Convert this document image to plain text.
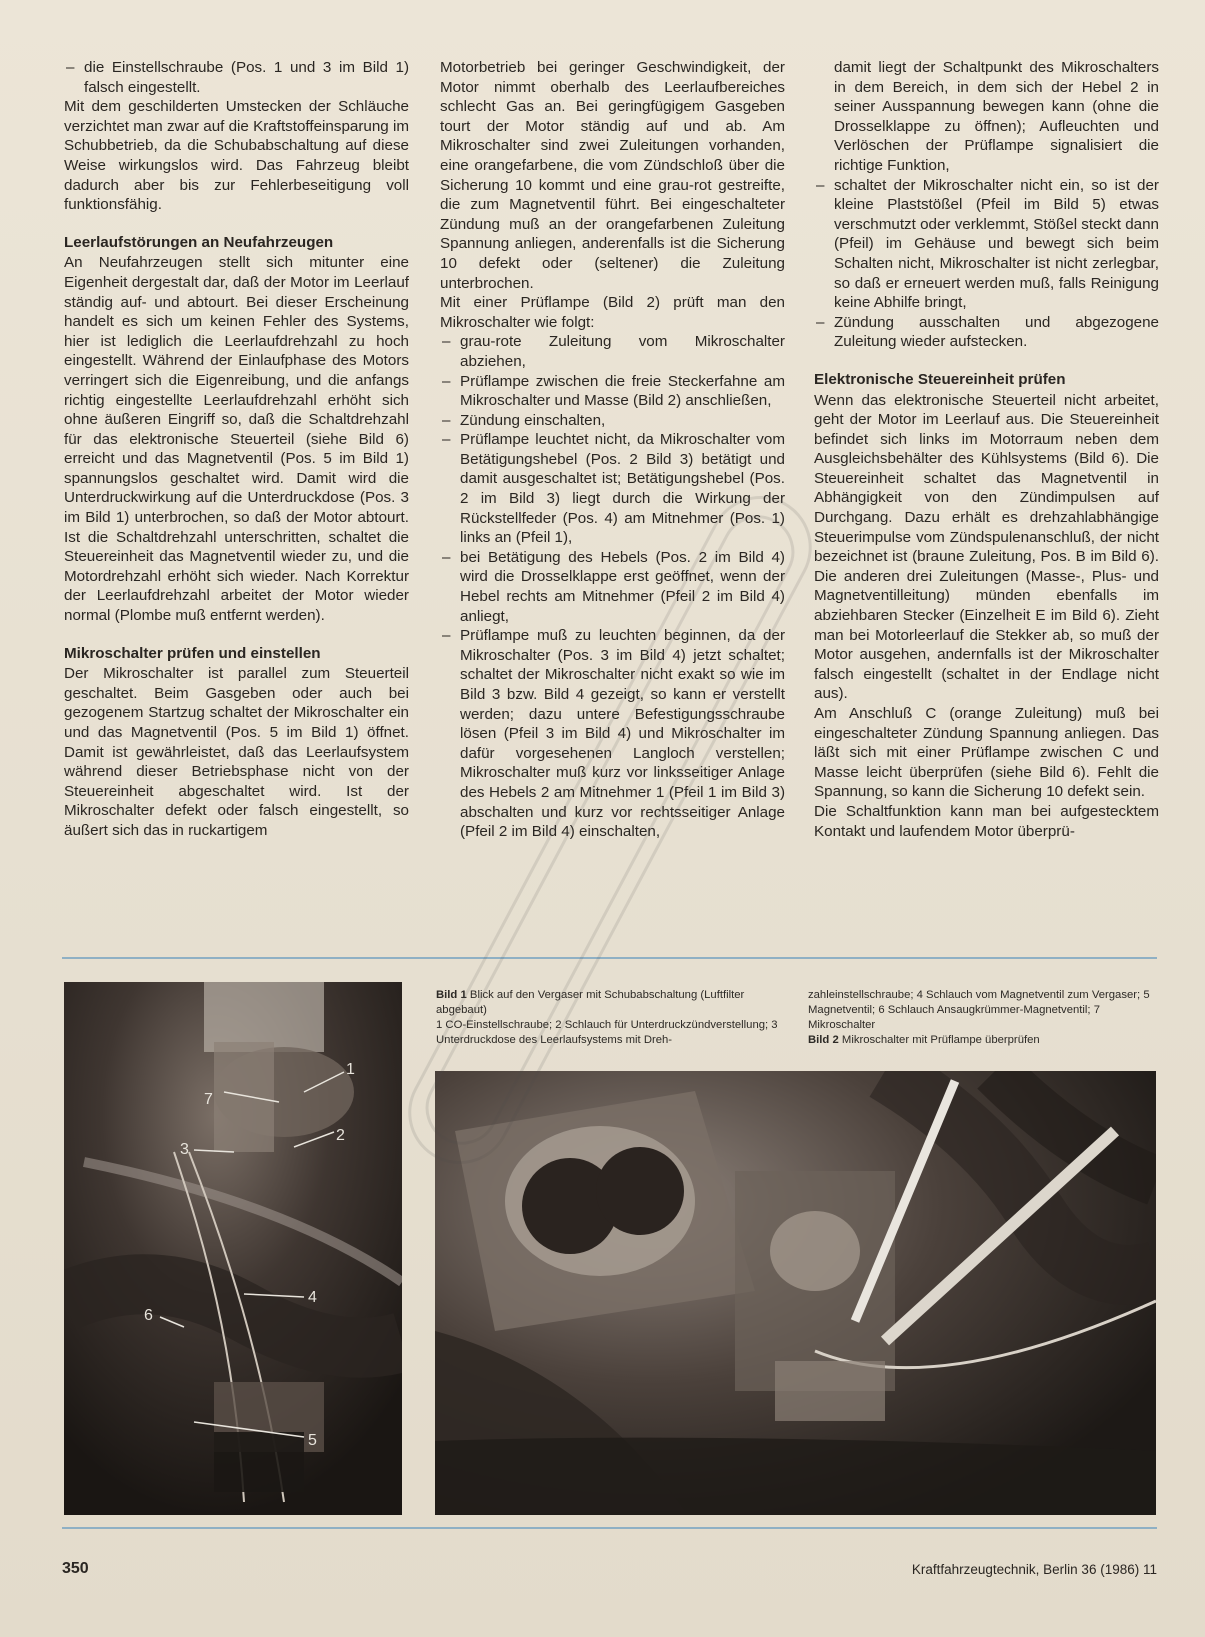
– die Einstellschraube (Pos. 1 und 3 im Bild 1) falsch eingestellt.

Mit dem geschilderten Umstecken der Schläuche verzichtet man zwar auf die Kraftstoffeinsparung im Schubbetrieb, da die Schubabschaltung auf diese Weise wirkungslos wird. Das Fahrzeug bleibt dadurch aber bis zur Fehlerbeseitigung voll funktionsfähig.

Leerlaufstörungen an Neufahrzeugen

An Neufahrzeugen stellt sich mitunter eine Eigenheit dergestalt dar, daß der Motor im Leerlauf ständig auf- und abtourt. Bei dieser Erscheinung handelt es sich um keinen Fehler des Systems, hier ist lediglich die Leerlaufdrehzahl zu hoch eingestellt. Während der Einlaufphase des Motors verringert sich die Eigenreibung, und die anfangs richtig eingestellte Leerlaufdrehzahl erhöht sich ohne äußeren Eingriff so, daß die Schaltdrehzahl für das elektronische Steuerteil (siehe Bild 6) erreicht und das Magnetventil (Pos. 5 im Bild 1) spannungslos geschaltet wird. Damit wird die Unterdruckwirkung auf die Unterdruckdose (Pos. 3 im Bild 1) unterbrochen, so daß der Motor abtourt. Ist die Schaltdrehzahl unterschritten, schaltet die Steuereinheit das Magnetventil wieder zu, und die Motordrehzahl erhöht sich wieder. Nach Korrektur der Leerlaufdrehzahl arbeitet der Motor wieder normal (Plombe muß entfernt werden).

Mikroschalter prüfen und einstellen

Der Mikroschalter ist parallel zum Steuerteil geschaltet. Beim Gasgeben oder auch bei gezogenem Startzug schaltet der Mikroschalter ein und das Magnetventil (Pos. 5 im Bild 1) öffnet. Damit ist gewährleistet, daß das Leerlaufsystem während dieser Betriebsphase nicht von der Steuereinheit abgeschaltet wird. Ist der Mikroschalter defekt oder falsch eingestellt, so äußert sich das in ruckartigem

Motorbetrieb bei geringer Geschwindigkeit, der Motor nimmt oberhalb des Leerlaufbereiches schlecht Gas an. Bei geringfügigem Gasgeben tourt der Motor ständig auf und ab. Am Mikroschalter sind zwei Zuleitungen vorhanden, eine orangefarbene, die vom Zündschloß über die Sicherung 10 kommt und eine grau-rot gestreifte, die zum Magnetventil führt. Bei eingeschalteter Zündung muß an der orangefarbenen Zuleitung Spannung anliegen, anderenfalls ist die Sicherung 10 defekt oder (seltener) die Zuleitung unterbrochen.

Mit einer Prüflampe (Bild 2) prüft man den Mikroschalter wie folgt:

– grau-rote Zuleitung vom Mikroschalter abziehen,
– Prüflampe zwischen die freie Steckerfahne am Mikroschalter und Masse (Bild 2) anschließen,
– Zündung einschalten,
– Prüflampe leuchtet nicht, da Mikroschalter vom Betätigungshebel (Pos. 2 Bild 3) betätigt und damit ausgeschaltet ist; Betätigungshebel (Pos. 2 im Bild 3) liegt durch die Wirkung der Rückstellfeder (Pos. 4) am Mitnehmer (Pos. 1) links an (Pfeil 1),
– bei Betätigung des Hebels (Pos. 2 im Bild 4) wird die Drosselklappe erst geöffnet, wenn der Hebel rechts am Mitnehmer (Pfeil 2 im Bild 4) anliegt,
– Prüflampe muß zu leuchten beginnen, da der Mikroschalter (Pos. 3 im Bild 4) jetzt schaltet; schaltet der Mikroschalter nicht exakt so wie im Bild 3 bzw. Bild 4 gezeigt, so kann er verstellt werden; dazu untere Befestigungsschraube lösen (Pfeil 3 im Bild 4) und Mikroschalter im dafür vorgesehenen Langloch verstellen; Mikroschalter muß kurz vor linksseitiger Anlage des Hebels 2 am Mitnehmer 1 (Pfeil 1 im Bild 3) abschalten und kurz vor rechtsseitiger Anlage (Pfeil 2 im Bild 4) einschalten,
damit liegt der Schaltpunkt des Mikroschalters in dem Bereich, in dem sich der Hebel 2 in seiner Ausspannung bewegen kann (ohne die Drosselklappe zu öffnen); Aufleuchten und Verlöschen der Prüflampe signalisiert die richtige Funktion,
– schaltet der Mikroschalter nicht ein, so ist der kleine Plaststößel (Pfeil im Bild 5) etwas verschmutzt oder verklemmt, Stößel steckt dann (Pfeil) im Gehäuse und bewegt sich beim Schalten nicht, Mikroschalter ist nicht zerlegbar, so daß er erneuert werden muß, falls Reinigung keine Abhilfe bringt,
– Zündung ausschalten und abgezogene Zuleitung wieder aufstecken.
Elektronische Steuereinheit prüfen

Wenn das elektronische Steuerteil nicht arbeitet, geht der Motor im Leerlauf aus. Die Steuereinheit befindet sich links im Motorraum neben dem Ausgleichsbehälter des Kühlsystems (Bild 6). Die Steuereinheit schaltet das Magnetventil in Abhängigkeit von den Zündimpulsen auf Durchgang. Dazu erhält es drehzahlabhängige Steuerimpulse vom Zündspulenanschluß, der nicht bezeichnet ist (braune Zuleitung, Pos. B im Bild 6). Die anderen drei Zuleitungen (Masse-, Plus- und Magnetventilleitung) münden ebenfalls im abziehbaren Stecker (Einzelheit E im Bild 6). Zieht man bei Motorleerlauf die Stekker ab, so muß der Motor ausgehen, andernfalls ist der Mikroschalter falsch eingestellt (schaltet in der Endlage nicht aus).

Am Anschluß C (orange Zuleitung) muß bei eingeschalteter Zündung Spannung anliegen. Das läßt sich mit einer Prüflampe zwischen C und Masse leicht überprüfen (siehe Bild 6). Fehlt die Spannung, so kann die Sicherung 10 defekt sein.

Die Schaltfunktion kann man bei aufgestecktem Kontakt und laufendem Motor überprü-

7
1
2
3
4
6
5
Bild 1 Blick auf den Vergaser mit Schubabschaltung (Luftfilter abgebaut)
1 CO-Einstellschraube; 2 Schlauch für Unterdruckzündverstellung; 3 Unterdruckdose des Leerlaufsystems mit Dreh-
zahleinstellschraube; 4 Schlauch vom Magnetventil zum Vergaser; 5 Magnetventil; 6 Schlauch Ansaugkrümmer-Magnetventil; 7 Mikroschalter
Bild 2 Mikroschalter mit Prüflampe überprüfen
350	Kraftfahrzeugtechnik, Berlin 36 (1986) 11
